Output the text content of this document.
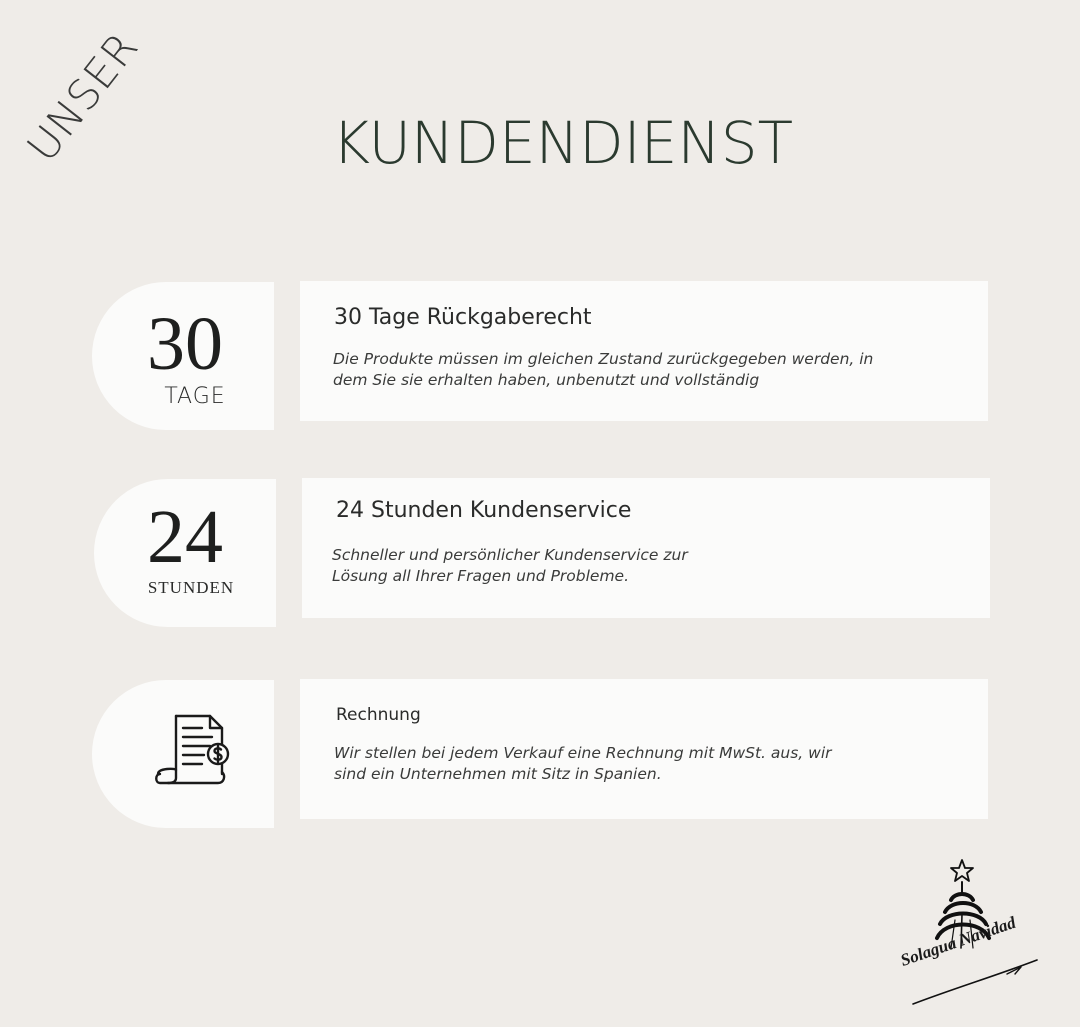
UNSER	KUNDENDIENST
30
TAGE
30 Tage Rückgaberecht
Die Produkte müssen im gleichen Zustand zurückgegeben werden, in
dem Sie sie erhalten haben, unbenutzt und vollständig
24
STUNDEN
24 Stunden Kundenservice
Schneller und persönlicher Kundenservice zur
Lösung all Ihrer Fragen und Probleme.
Rechnung
Wir stellen bei jedem Verkauf eine Rechnung mit MwSt. aus, wir
sind ein Unternehmen mit Sitz in Spanien.
Solagua Navidad
